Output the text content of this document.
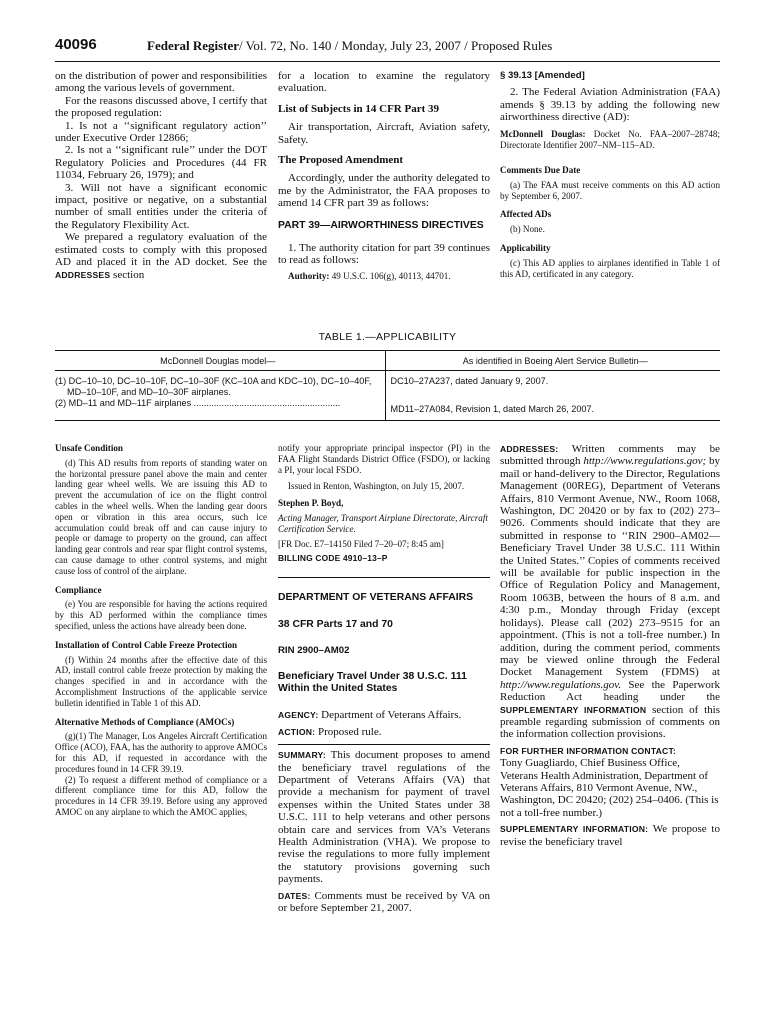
40096	Federal Register/ Vol. 72, No. 140 / Monday, July 23, 2007 / Proposed Rules

on the distribution of power and responsibilities among the various levels of government.

For the reasons discussed above, I certify that the proposed regulation:

1. Is not a ‘‘significant regulatory action’’ under Executive Order 12866;

2. Is not a ‘‘significant rule’’ under the DOT Regulatory Policies and Procedures (44 FR 11034, February 26, 1979); and

3. Will not have a significant economic impact, positive or negative, on a substantial number of small entities under the criteria of the Regulatory Flexibility Act.

We prepared a regulatory evaluation of the estimated costs to comply with this proposed AD and placed it in the AD docket. See the ADDRESSES section

for a location to examine the regulatory evaluation.

List of Subjects in 14 CFR Part 39

Air transportation, Aircraft, Aviation safety, Safety.

The Proposed Amendment

Accordingly, under the authority delegated to me by the Administrator, the FAA proposes to amend 14 CFR part 39 as follows:

PART 39—AIRWORTHINESS DIRECTIVES

1. The authority citation for part 39 continues to read as follows:

Authority: 49 U.S.C. 106(g), 40113, 44701.

§ 39.13 [Amended]

2. The Federal Aviation Administration (FAA) amends § 39.13 by adding the following new airworthiness directive (AD):

McDonnell Douglas: Docket No. FAA–2007–28748; Directorate Identifier 2007–NM–115–AD.

Comments Due Date

(a) The FAA must receive comments on this AD action by September 6, 2007.

Affected ADs

(b) None.

Applicability

(c) This AD applies to airplanes identified in Table 1 of this AD, certificated in any category.

TABLE 1.—APPLICABILITY
McDonnell Douglas model—	As identified in Boeing Alert Service Bulletin—
(1) DC–10–10, DC–10–10F, DC–10–30F (KC–10A and KDC–10), DC–10–40F, MD–10–10F, and MD–10–30F airplanes.	DC10–27A237, dated January 9, 2007.
(2) MD–11 and MD–11F airplanes ..........................................................	MD11–27A084, Revision 1, dated March 26, 2007.

Unsafe Condition

(d) This AD results from reports of standing water on the horizontal pressure panel above the main and center landing gear wheel wells. We are issuing this AD to prevent the accumulation of ice on the flight control cables in the wheel wells. When the landing gear doors open or vibration in this area occurs, such ice accumulation could break off and can cause injury to people or damage to property on the ground, can affect landing gear controls and rear spar flight control systems, can cause damage to other control systems, and might cause loss of control of the airplane.

Compliance

(e) You are responsible for having the actions required by this AD performed within the compliance times specified, unless the actions have already been done.

Installation of Control Cable Freeze Protection

(f) Within 24 months after the effective date of this AD, install control cable freeze protection by making the changes specified in and in accordance with the Accomplishment Instructions of the applicable service bulletin identified in Table 1 of this AD.

Alternative Methods of Compliance (AMOCs)

(g)(1) The Manager, Los Angeles Aircraft Certification Office (ACO), FAA, has the authority to approve AMOCs for this AD, if requested in accordance with the procedures found in 14 CFR 39.19.

(2) To request a different method of compliance or a different compliance time for this AD, follow the procedures in 14 CFR 39.19. Before using any approved AMOC on any airplane to which the AMOC applies,

notify your appropriate principal inspector (PI) in the FAA Flight Standards District Office (FSDO), or lacking a PI, your local FSDO.

Issued in Renton, Washington, on July 15, 2007.

Stephen P. Boyd,

Acting Manager, Transport Airplane Directorate, Aircraft Certification Service.

[FR Doc. E7–14150 Filed 7–20–07; 8:45 am]

BILLING CODE 4910–13–P

DEPARTMENT OF VETERANS AFFAIRS

38 CFR Parts 17 and 70

RIN 2900–AM02

Beneficiary Travel Under 38 U.S.C. 111 Within the United States

AGENCY: Department of Veterans Affairs.

ACTION: Proposed rule.

SUMMARY: This document proposes to amend the beneficiary travel regulations of the Department of Veterans Affairs (VA) that provide a mechanism for payment of travel expenses within the United States under 38 U.S.C. 111 to help veterans and other persons obtain care and services from VA’s Veterans Health Administration (VHA). We propose to revise the regulations to more fully implement the statutory provisions governing such payments.

DATES: Comments must be received by VA on or before September 21, 2007.

ADDRESSES: Written comments may be submitted through http://www.regulations.gov; by mail or hand-delivery to the Director, Regulations Management (00REG), Department of Veterans Affairs, 810 Vermont Avenue, NW., Room 1068, Washington, DC 20420 or by fax to (202) 273–9026. Comments should indicate that they are submitted in response to ‘‘RIN 2900–AM02—Beneficiary Travel Under 38 U.S.C. 111 Within the United States.’’ Copies of comments received will be available for public inspection in the Office of Regulation Policy and Management, Room 1063B, between the hours of 8 a.m. and 4:30 p.m., Monday through Friday (except holidays). Please call (202) 273–9515 for an appointment. (This is not a toll-free number.) In addition, during the comment period, comments may be viewed online through the Federal Docket Management System (FDMS) at http://www.regulations.gov. See the Paperwork Reduction Act heading under the SUPPLEMENTARY INFORMATION section of this preamble regarding submission of comments on the information collection provisions.

FOR FURTHER INFORMATION CONTACT:
Tony Guagliardo, Chief Business Office, Veterans Health Administration, Department of Veterans Affairs, 810 Vermont Avenue, NW., Washington, DC 20420; (202) 254–0406. (This is not a toll-free number.)

SUPPLEMENTARY INFORMATION: We propose to revise the beneficiary travel
